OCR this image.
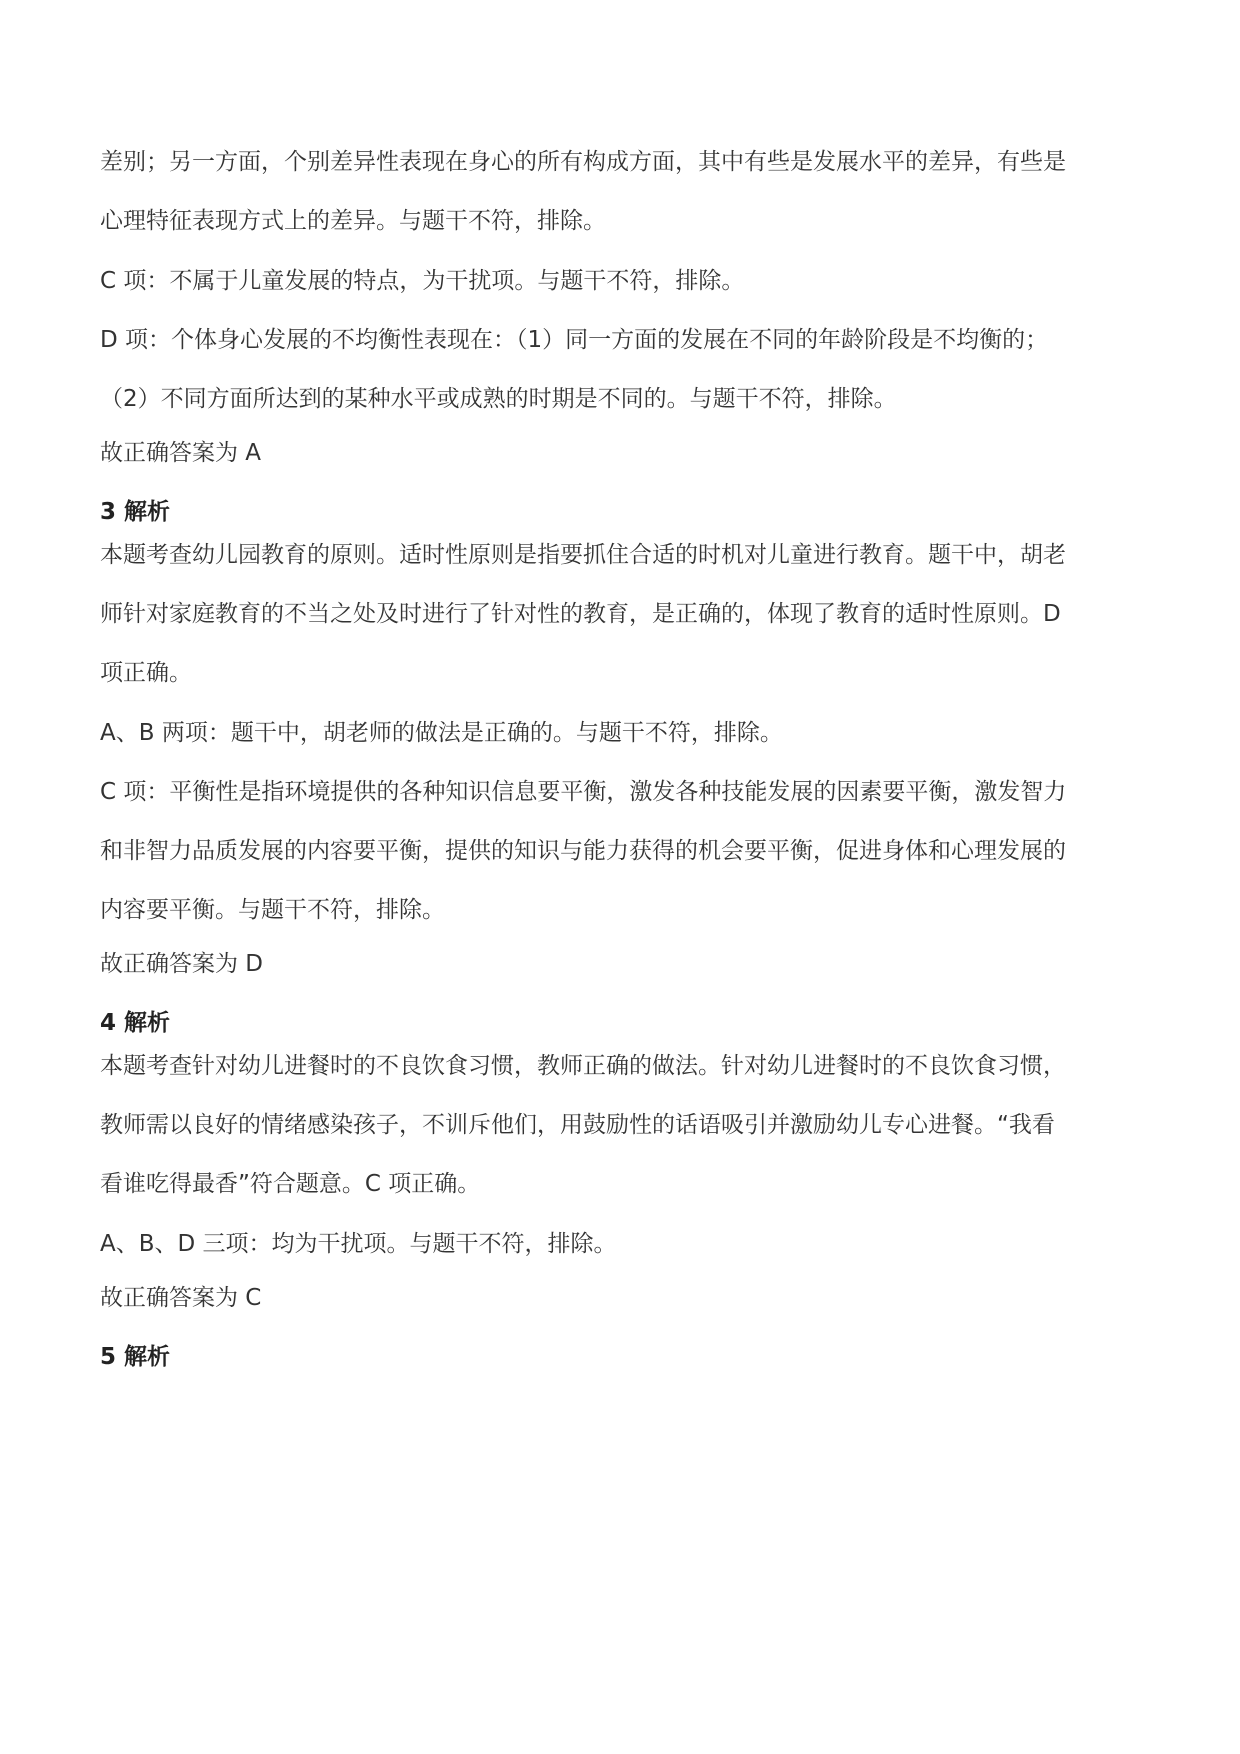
差别；另一方面，个别差异性表现在身心的所有构成方面，其中有些是发展水平的差异，有些是
心理特征表现方式上的差异。与题干不符，排除。
C 项：不属于儿童发展的特点，为干扰项。与题干不符，排除。
D 项：个体身心发展的不均衡性表现在：（1）同一方面的发展在不同的年龄阶段是不均衡的；
（2）不同方面所达到的某种水平或成熟的时期是不同的。与题干不符，排除。
故正确答案为 A
3 解析
本题考查幼儿园教育的原则。适时性原则是指要抓住合适的时机对儿童进行教育。题干中，胡老
师针对家庭教育的不当之处及时进行了针对性的教育，是正确的，体现了教育的适时性原则。D
项正确。
A、B 两项：题干中，胡老师的做法是正确的。与题干不符，排除。
C 项：平衡性是指环境提供的各种知识信息要平衡，激发各种技能发展的因素要平衡，激发智力
和非智力品质发展的内容要平衡，提供的知识与能力获得的机会要平衡，促进身体和心理发展的
内容要平衡。与题干不符，排除。
故正确答案为 D
4 解析
本题考查针对幼儿进餐时的不良饮食习惯，教师正确的做法。针对幼儿进餐时的不良饮食习惯，
教师需以良好的情绪感染孩子，不训斥他们，用鼓励性的话语吸引并激励幼儿专心进餐。“我看
看谁吃得最香”符合题意。C 项正确。
A、B、D 三项：均为干扰项。与题干不符，排除。
故正确答案为 C
5 解析
